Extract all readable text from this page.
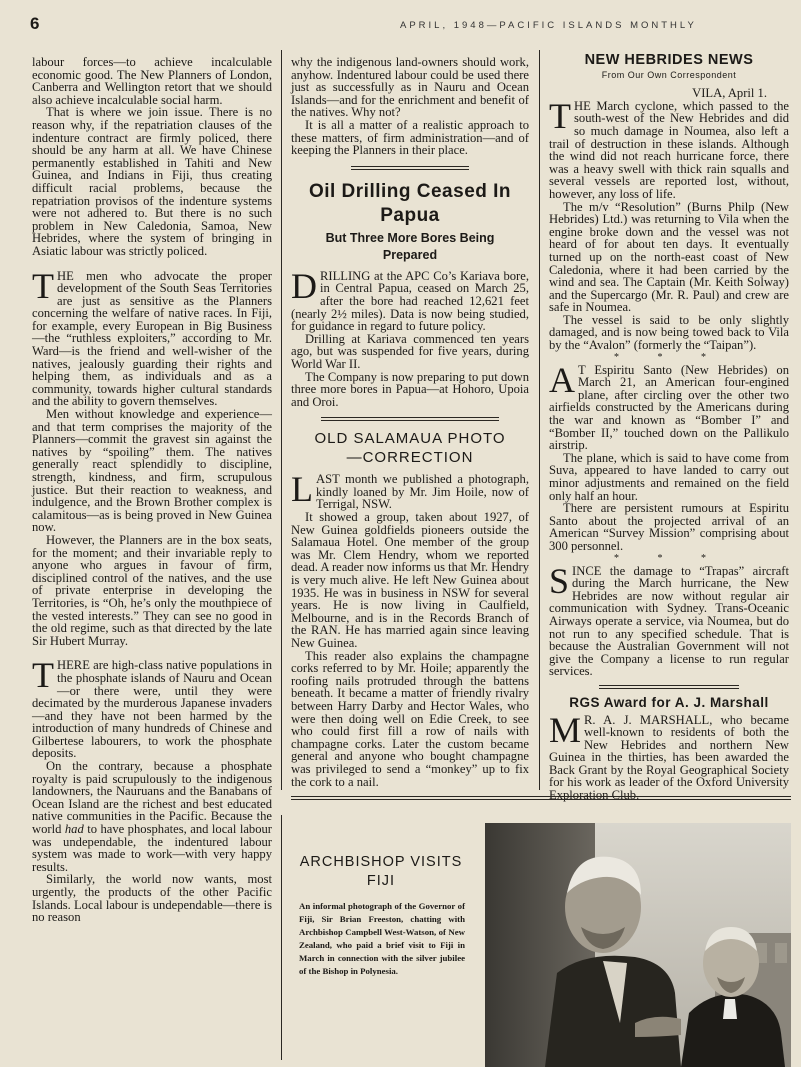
6	APRIL, 1948—PACIFIC ISLANDS MONTHLY

labour forces—to achieve incalculable economic good. The New Planners of London, Canberra and Wellington retort that we should also achieve incalculable social harm.

That is where we join issue. There is no reason why, if the repatriation clauses of the indenture contract are firmly policed, there should be any harm at all. We have Chinese permanently established in Tahiti and New Guinea, and Indians in Fiji, thus creating difficult racial problems, because the repatriation provisos of the indenture systems were not adhered to. But there is no such problem in New Caledonia, Samoa, New Hebrides, where the system of bringing in Asiatic labour was strictly policed.

THE men who advocate the proper development of the South Seas Territories are just as sensitive as the Planners concerning the welfare of native races. In Fiji, for example, every European in Big Business—the “ruthless exploiters,” according to Mr. Ward—is the friend and well-wisher of the natives, jealously guarding their rights and helping them, as individuals and as a community, towards higher cultural standards and the ability to govern themselves.

Men without knowledge and experience—and that term comprises the majority of the Planners—commit the gravest sin against the natives by “spoiling” them. The natives generally react splendidly to discipline, strength, kindness, and firm, scrupulous justice. But their reaction to weakness, and indulgence, and the Brown Brother complex is calamitous—as is being proved in New Guinea now.

However, the Planners are in the box seats, for the moment; and their invariable reply to anyone who argues in favour of firm, disciplined control of the natives, and the use of private enterprise in developing the Territories, is “Oh, he’s only the mouthpiece of the vested interests.” They can see no good in the old regime, such as that directed by the late Sir Hubert Murray.

THERE are high-class native populations in the phosphate islands of Nauru and Ocean—or there were, until they were decimated by the murderous Japanese invaders—and they have not been harmed by the introduction of many hundreds of Chinese and Gilbertese labourers, to work the phosphate deposits.

On the contrary, because a phosphate royalty is paid scrupulously to the indigenous landowners, the Nauruans and the Banabans of Ocean Island are the richest and best educated native communities in the Pacific. Because the world had to have phosphates, and local labour was undependable, the indentured labour system was made to work—with very happy results.

Similarly, the world now wants, most urgently, the products of the other Pacific Islands. Local labour is undependable—there is no reason

why the indigenous land-owners should work, anyhow. Indentured labour could be used there just as successfully as in Nauru and Ocean Islands—and for the enrichment and benefit of the natives. Why not?

It is all a matter of a realistic approach to these matters, of firm administration—and of keeping the Planners in their place.

Oil Drilling Ceased In Papua
But Three More Bores Being Prepared

DRILLING at the APC Co’s Kariava bore, in Central Papua, ceased on March 25, after the bore had reached 12,621 feet (nearly 2½ miles). Data is now being studied, for guidance in regard to future policy.

Drilling at Kariava commenced ten years ago, but was suspended for five years, during World War II.

The Company is now preparing to put down three more bores in Papua—at Hohoro, Upoia and Oroi.

OLD SALAMAUA PHOTO—CORRECTION

LAST month we published a photograph, kindly loaned by Mr. Jim Hoile, now of Terrigal, NSW.

It showed a group, taken about 1927, of New Guinea goldfields pioneers outside the Salamaua Hotel. One member of the group was Mr. Clem Hendry, whom we reported dead. A reader now informs us that Mr. Hendry is very much alive. He left New Guinea about 1935. He was in business in NSW for several years. He is now living in Caulfield, Melbourne, and is in the Records Branch of the RAN. He has married again since leaving New Guinea.

This reader also explains the champagne corks referred to by Mr. Hoile; apparently the roofing nails protruded through the battens beneath. It became a matter of friendly rivalry between Harry Darby and Hector Wales, who were then doing well on Edie Creek, to see who could first fill a row of nails with champagne corks. Later the custom became general and anyone who bought champagne was privileged to send a “monkey” up to fix the cork to a nail.

NEW HEBRIDES NEWS
From Our Own Correspondent
VILA, April 1.

THE March cyclone, which passed to the south-west of the New Hebrides and did so much damage in Noumea, also left a trail of destruction in these islands. Although the wind did not reach hurricane force, there was a heavy swell with thick rain squalls and several vessels are reported lost, without, however, any loss of life.

The m/v “Resolution” (Burns Philp (New Hebrides) Ltd.) was returning to Vila when the engine broke down and the vessel was not heard of for about ten days. It eventually turned up on the north-east coast of New Caledonia, where it had been carried by the wind and sea. The Captain (Mr. Keith Solway) and the Supercargo (Mr. R. Paul) and crew are safe in Noumea.

The vessel is said to be only slightly damaged, and is now being towed back to Vila by the “Avalon” (formerly the “Taipan”).

* * *

A T Espiritu Santo (New Hebrides) on March 21, an American four-engined plane, after circling over the other two airfields constructed by the Americans during the war and known as “Bomber I” and “Bomber II,” touched down on the Pallikulo airstrip.

The plane, which is said to have come from Suva, appeared to have landed to carry out minor adjustments and remained on the field only half an hour.

There are persistent rumours at Espiritu Santo about the projected arrival of an American “Survey Mission” comprising about 300 personnel.

* * *

SINCE the damage to “Trapas” aircraft during the March hurricane, the New Hebrides are now without regular air communication with Sydney. Trans-Oceanic Airways operate a service, via Noumea, but do not run to any specified schedule. That is because the Australian Government will not give the Company a license to run regular services.

RGS Award for A. J. Marshall

M R. A. J. MARSHALL, who became well-known to residents of both the New Hebrides and northern New Guinea in the thirties, has been awarded the Back Grant by the Royal Geographical Society for his work as leader of the Oxford University Exploration Club.

ARCHBISHOP VISITS FIJI
An informal photograph of the Governor of Fiji, Sir Brian Freeston, chatting with Archbishop Campbell West-Watson, of New Zealand, who paid a brief visit to Fiji in March in connection with the silver jubilee of the Bishop in Polynesia.
